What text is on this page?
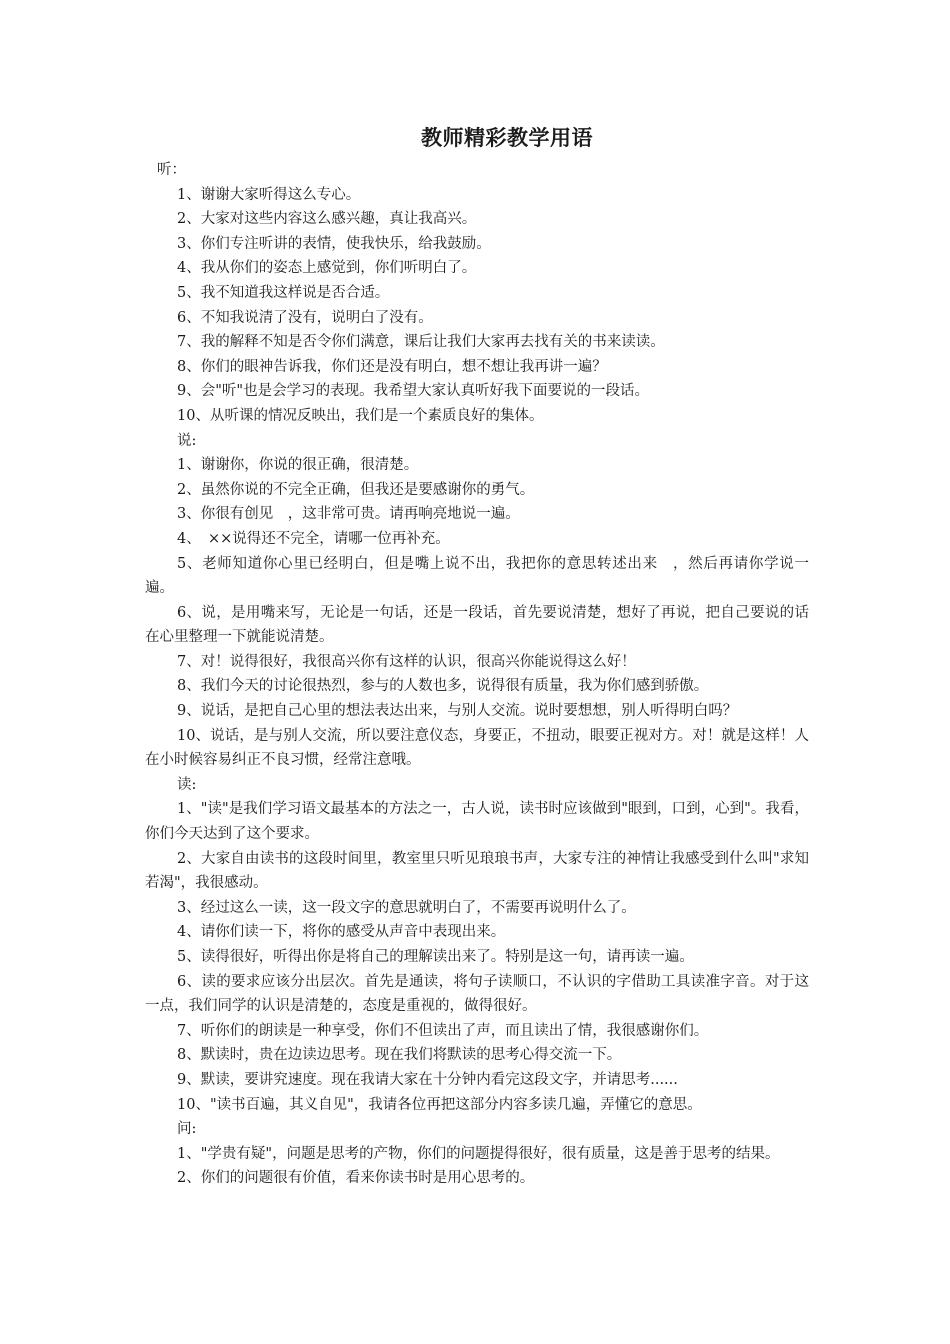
教师精彩教学用语

听：

1、谢谢大家听得这么专心。

2、大家对这些内容这么感兴趣，真让我高兴。

3、你们专注听讲的表情，使我快乐，给我鼓励。

4、我从你们的姿态上感觉到，你们听明白了。

5、我不知道我这样说是否合适。

6、不知我说清了没有，说明白了没有。

7、我的解释不知是否令你们满意，课后让我们大家再去找有关的书来读读。

8、你们的眼神告诉我，你们还是没有明白，想不想让我再讲一遍？

9、会"听"也是会学习的表现。我希望大家认真听好我下面要说的一段话。

10、从听课的情况反映出，我们是一个素质良好的集体。

说:

1、谢谢你，你说的很正确，很清楚。

2、虽然你说的不完全正确，但我还是要感谢你的勇气。

3、你很有创见　，这非常可贵。请再响亮地说一遍。

4、　××说得还不完全，请哪一位再补充。

5、老师知道你心里已经明白，但是嘴上说不出，我把你的意思转述出来　，然后再请你学说一遍。

6、说，是用嘴来写，无论是一句话，还是一段话，首先要说清楚，想好了再说，把自己要说的话在心里整理一下就能说清楚。

7、对！说得很好，我很高兴你有这样的认识，很高兴你能说得这么好！

8、我们今天的讨论很热烈，参与的人数也多，说得很有质量，我为你们感到骄傲。

9、说话，是把自己心里的想法表达出来，与别人交流。说时要想想，别人听得明白吗？

10、说话，是与别人交流，所以要注意仪态，身要正，不扭动，眼要正视对方。对！就是这样！人在小时候容易纠正不良习惯，经常注意哦。

读:

1、"读"是我们学习语文最基本的方法之一，古人说，读书时应该做到"眼到，口到，心到"。我看，你们今天达到了这个要求。

2、大家自由读书的这段时间里，教室里只听见琅琅书声，大家专注的神情让我感受到什么叫"求知若渴"，我很感动。

3、经过这么一读，这一段文字的意思就明白了，不需要再说明什么了。

4、请你们读一下，将你的感受从声音中表现出来。

5、读得很好，听得出你是将自己的理解读出来了。特别是这一句，请再读一遍。

6、读的要求应该分出层次。首先是通读，将句子读顺口，不认识的字借助工具读准字音。对于这一点，我们同学的认识是清楚的，态度是重视的，做得很好。

7、听你们的朗读是一种享受，你们不但读出了声，而且读出了情，我很感谢你们。

8、默读时，贵在边读边思考。现在我们将默读的思考心得交流一下。

9、默读，要讲究速度。现在我请大家在十分钟内看完这段文字，并请思考......

10、"读书百遍，其义自见"，我请各位再把这部分内容多读几遍，弄懂它的意思。

问:

1、"学贵有疑"，问题是思考的产物，你们的问题提得很好，很有质量，这是善于思考的结果。

2、你们的问题很有价值，看来你读书时是用心思考的。
